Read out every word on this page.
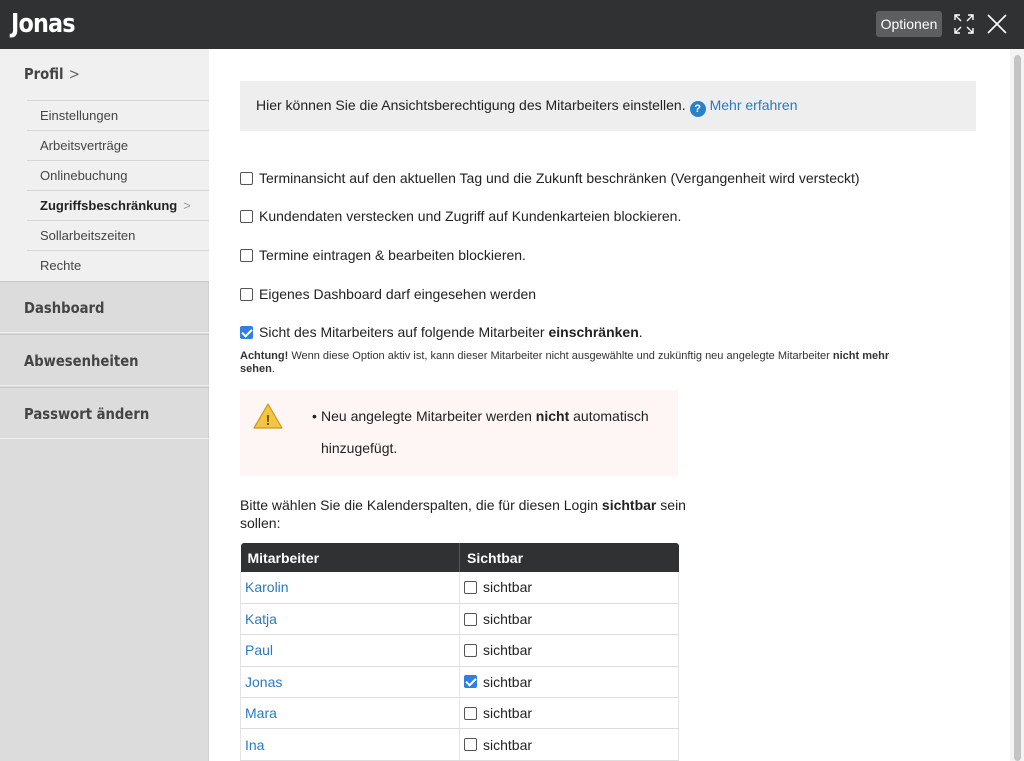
Jonas	Optionen
Profil >
Einstellungen
Arbeitsverträge
Onlinebuchung
Zugriffsbeschränkung >
Sollarbeitszeiten
Rechte
Dashboard
Abwesenheiten
Passwort ändern
Hier können Sie die Ansichtsberechtigung des Mitarbeiters einstellen. ? Mehr erfahren
Terminansicht auf den aktuellen Tag und die Zukunft beschränken (Vergangenheit wird versteckt)
Kundendaten verstecken und Zugriff auf Kundenkarteien blockieren.
Termine eintragen & bearbeiten blockieren.
Eigenes Dashboard darf eingesehen werden
Sicht des Mitarbeiters auf folgende Mitarbeiter einschränken.
Achtung! Wenn diese Option aktiv ist, kann dieser Mitarbeiter nicht ausgewählte und zukünftig neu angelegte Mitarbeiter nicht mehr sehen.
!	• Neu angelegte Mitarbeiter werden nicht automatisch hinzugefügt.
Bitte wählen Sie die Kalenderspalten, die für diesen Login sichtbar sein sollen:
Mitarbeiter	Sichtbar
Karolin	sichtbar

Katja	sichtbar

Paul	sichtbar

Jonas	sichtbar

Mara	sichtbar

Ina	sichtbar
